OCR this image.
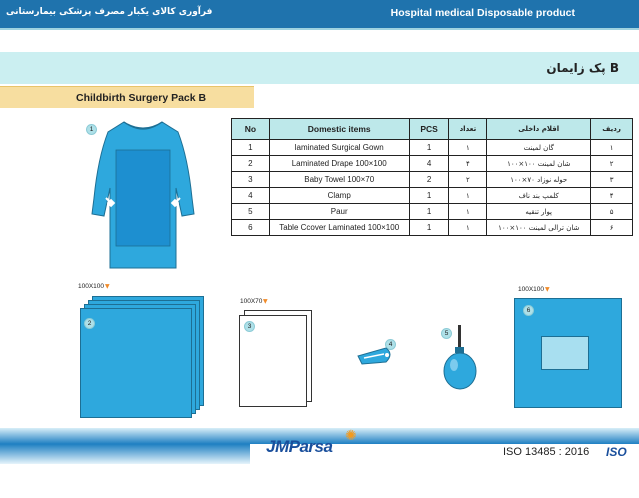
فرآوری کالای یکبار مصرف پزشکی بیمارستانی	Hospital medical Disposable product
پک زایمان B
Childbirth Surgery Pack B
No	Domestic items	PCS	تعداد	اقلام داخلی	ردیف
1	laminated Surgical Gown	1	۱	گان لمینت	۱
2	Laminated Drape 100×100	4	۴	شان لمینت ۱۰۰×۱۰۰	۲
3	Baby Towel 100×70	2	۲	حوله نوزاد ۷۰×۱۰۰	۳
4	Clamp	1	۱	کلمپ بند ناف	۴
5	Paur	1	۱	پوار تنقیه	۵
6	Table Ccover Laminated 100×100	1	۱	شان ترالی لمینت ۱۰۰×۱۰۰	۶
1
100X100 ▼
2
100X70 ▼
3
4
5
100X100 ▼
6
✺
JMParsa	ISO 13485 : 2016 ISO
